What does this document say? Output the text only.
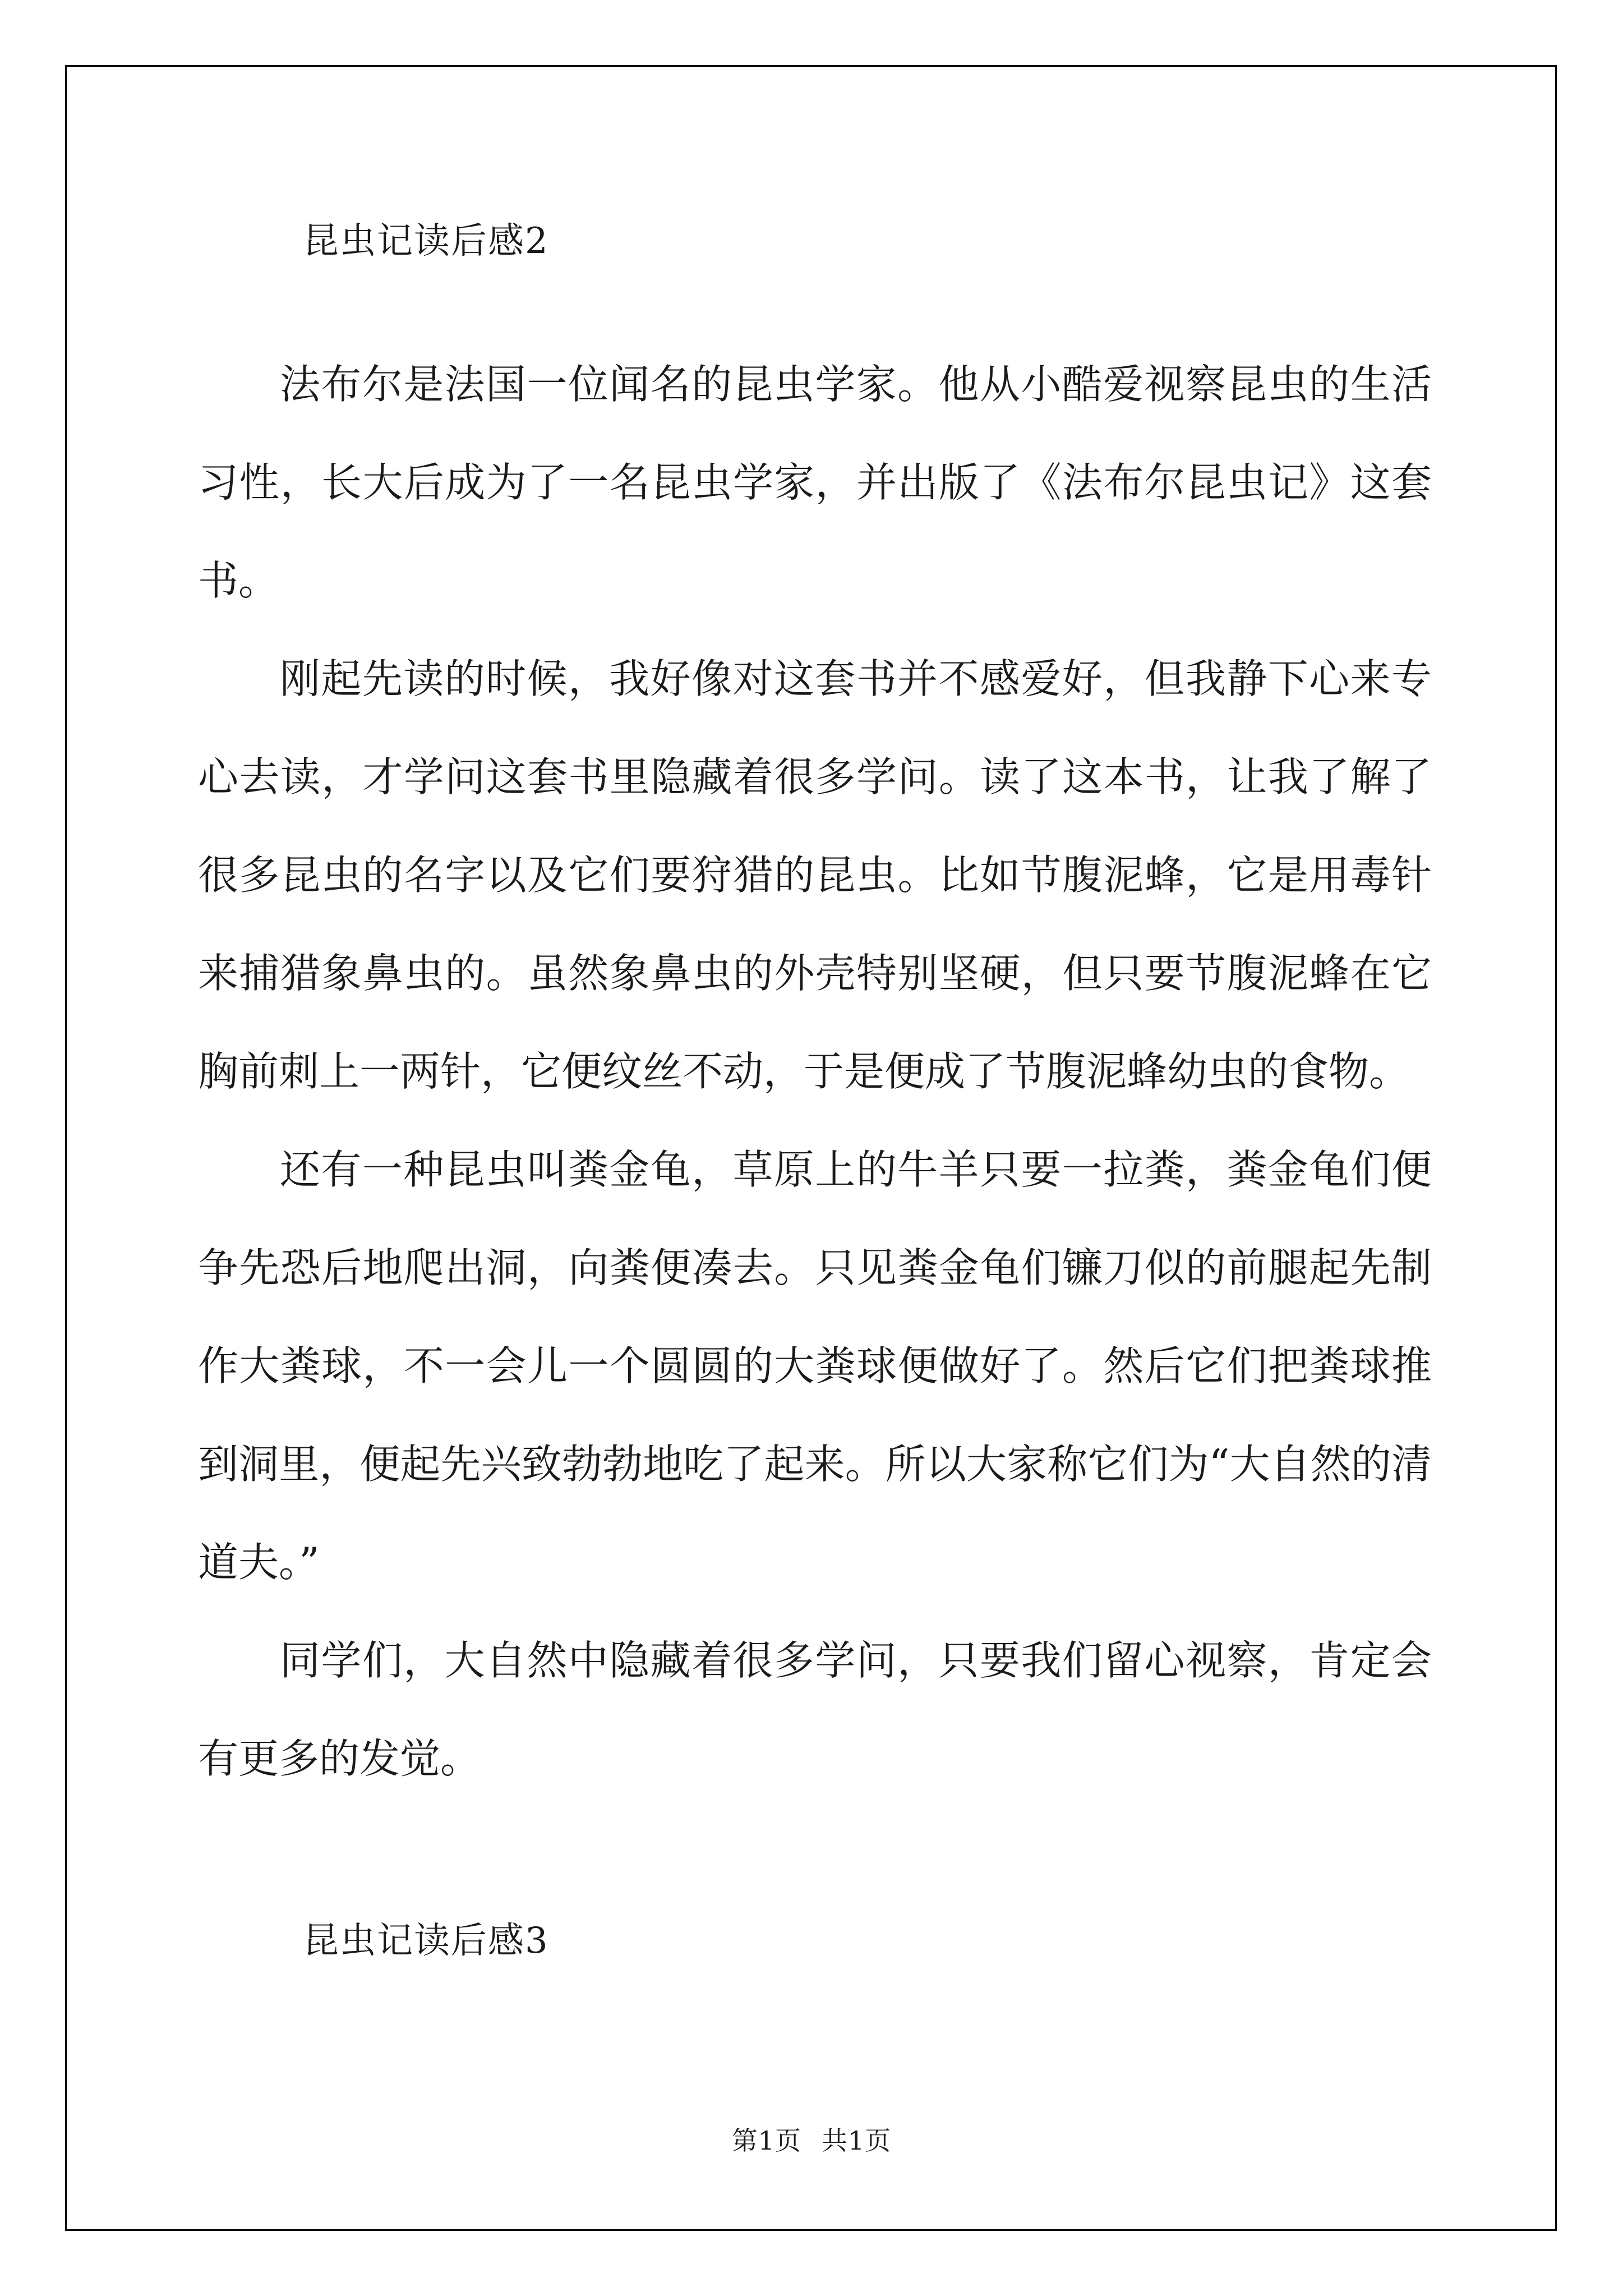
昆虫记读后感2

法布尔是法国一位闻名的昆虫学家。他从小酷爱视察昆虫的生活习性，长大后成为了一名昆虫学家，并出版了《法布尔昆虫记》这套书。

刚起先读的时候，我好像对这套书并不感爱好，但我静下心来专心去读，才学问这套书里隐藏着很多学问。读了这本书，让我了解了很多昆虫的名字以及它们要狩猎的昆虫。比如节腹泥蜂，它是用毒针来捕猎象鼻虫的。虽然象鼻虫的外壳特别坚硬，但只要节腹泥蜂在它胸前刺上一两针，它便纹丝不动，于是便成了节腹泥蜂幼虫的食物。

还有一种昆虫叫粪金龟，草原上的牛羊只要一拉粪，粪金龟们便争先恐后地爬出洞，向粪便凑去。只见粪金龟们镰刀似的前腿起先制作大粪球，不一会儿一个圆圆的大粪球便做好了。然后它们把粪球推到洞里，便起先兴致勃勃地吃了起来。所以大家称它们为“大自然的清道夫。”

同学们，大自然中隐藏着很多学问，只要我们留心视察，肯定会有更多的发觉。

昆虫记读后感3
第1页 共1页
